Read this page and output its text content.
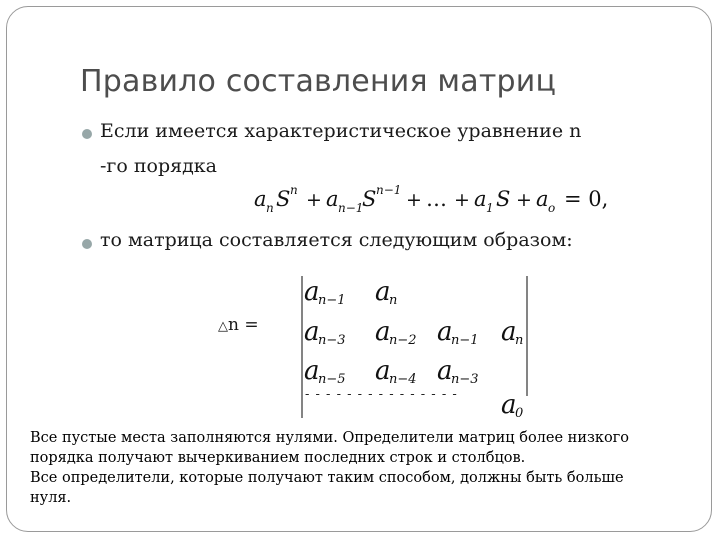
Правило составления матриц
Если имеется характеристическое уравнение n
-го порядка
a n S n + a n−1
S n−1 + … + a 1 S + a o = 0,
то матрица составляется следующим образом:
△n =
a
n−1 a
n
a
n−3 a
n−2 a
n−1 a
n
a
n−5 a
n−4 a
n−3
- - - - - - - - - - - - - - - a
0
Все пустые места заполняются нулями. Определители матриц более низкого
порядка получают вычеркиванием последних строк и столбцов.
Все определители, которые получают таким способом, должны быть больше
нуля.
